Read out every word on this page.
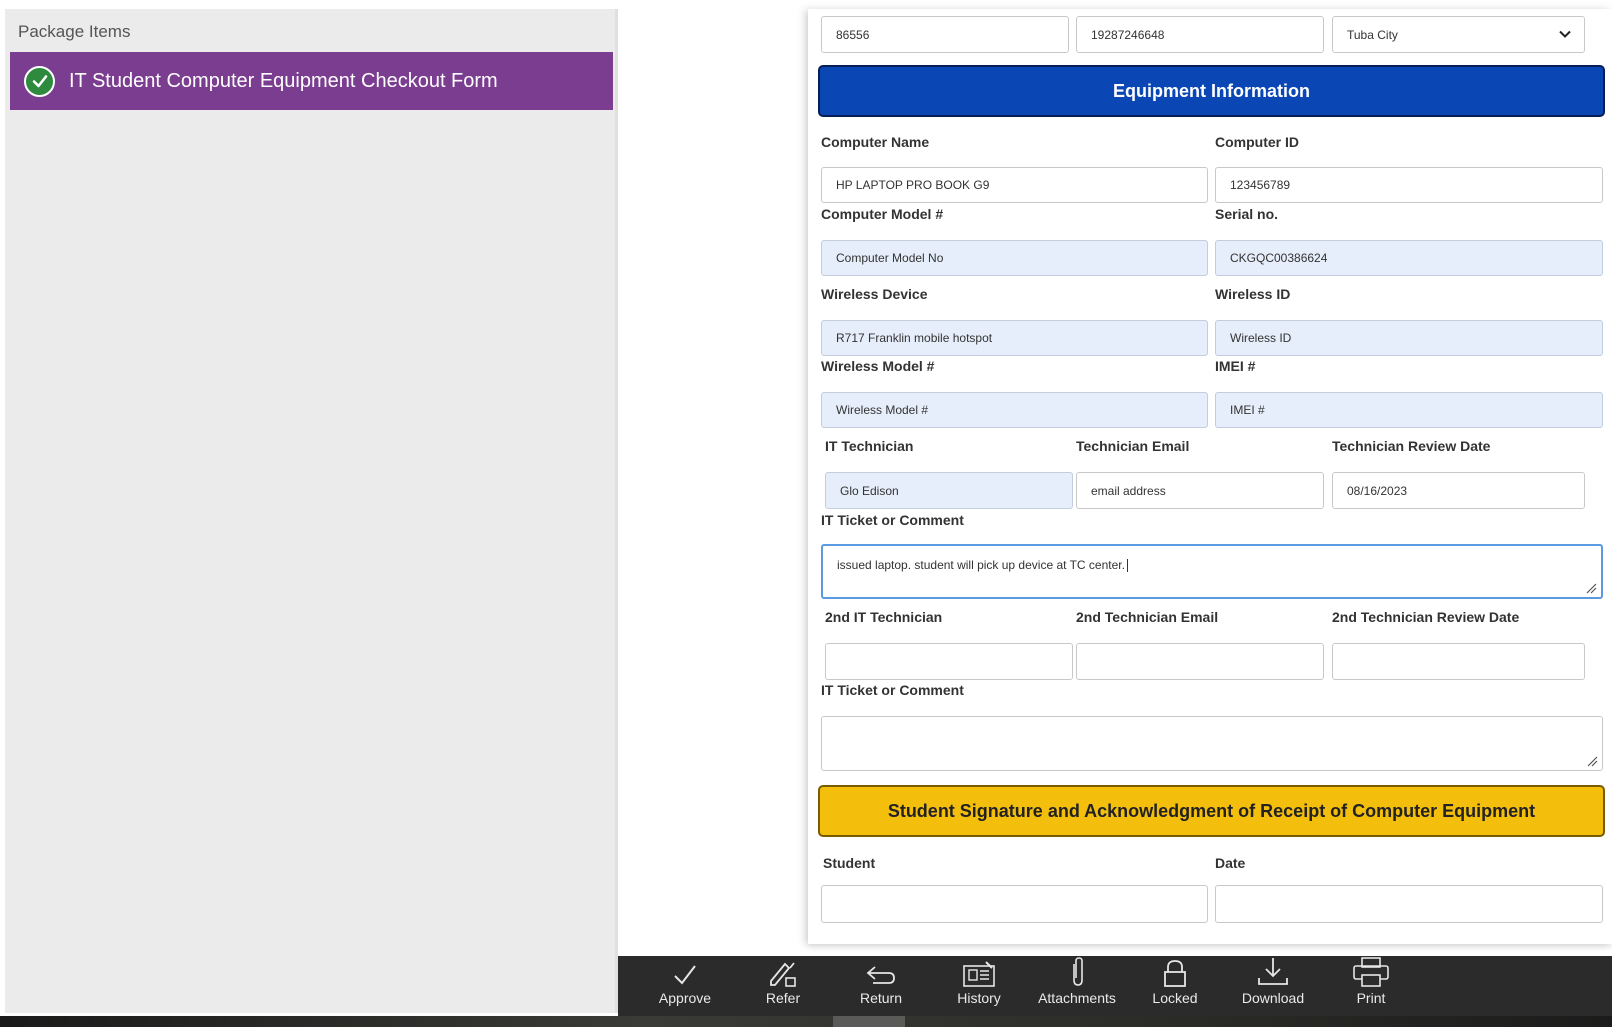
Package Items
IT Student Computer Equipment Checkout Form
86556	19287246648	Tuba City
Equipment Information
Computer Name	Computer ID
HP LAPTOP PRO BOOK G9	123456789
Computer Model #	Serial no.
Computer Model No	CKGQC00386624
Wireless Device	Wireless ID
R717 Franklin mobile hotspot	Wireless ID
Wireless Model #	IMEI #
Wireless Model #	IMEI #
IT Technician	Technician Email	Technician Review Date
Glo Edison	email address	08/16/2023
IT Ticket or Comment
issued laptop. student will pick up device at TC center.
2nd IT Technician	2nd Technician Email	2nd Technician Review Date
IT Ticket or Comment
Student Signature and Acknowledgment of Receipt of Computer Equipment
Student	Date
Approve	Refer	Return	History	Attachments	Locked	Download	Print
